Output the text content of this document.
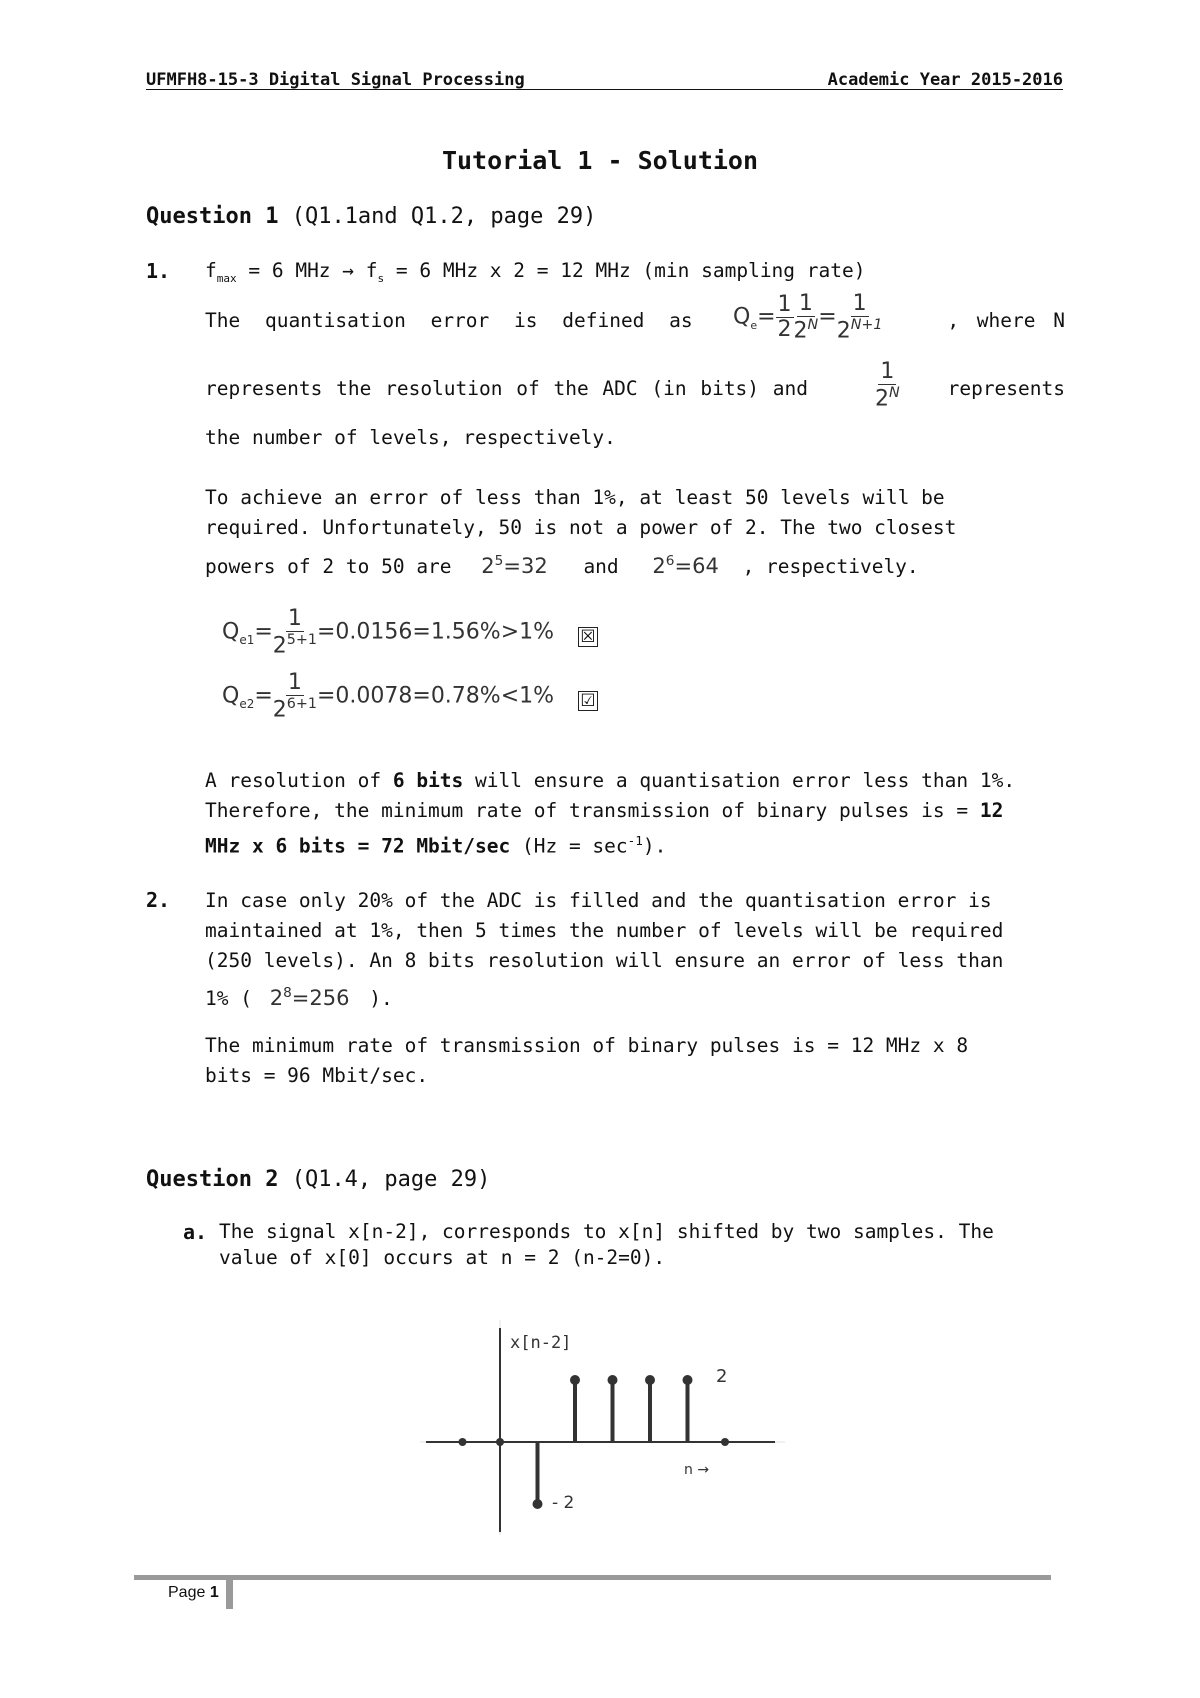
UFMFH8-15-3 Digital Signal Processing	Academic Year 2015-2016
Tutorial 1 - Solution
Question 1 (Q1.1and Q1.2, page 29)
1. $f_{max} = 6$ MHz → $f_s = 6$ MHz x 2 = 12 MHz (min sampling rate)
The quantisation error is defined as	$Q_e= \frac{1}{2} \frac{1}{2^N} = \frac{1}{2^{N+1}}$	, where N
represents the resolution of the ADC (in bits) and	$\frac{1}{2^N}$	represents
the number of levels, respectively.
To achieve an error of less than 1%, at least 50 levels will be
required. Unfortunately, 50 is not a power of 2. The two closest
powers of 2 to 50 are $2^5=32$ and $2^6=64$ , respectively.
$Q_{e1}= \frac{1}{2^{5+1}} =0.0156=1.56\%>1\%$ ☒
$Q_{e2}= \frac{1}{2^{6+1}} =0.0078=0.78\%<1\%$ ☑
A resolution of 6 bits will ensure a quantisation error less than 1%.
Therefore, the minimum rate of transmission of binary pulses is = 12
MHz x 6 bits = 72 Mbit/sec $(Hz = \sec^{-1})$.
2. In case only 20% of the ADC is filled and the quantisation error is
maintained at 1%, then 5 times the number of levels will be required
(250 levels). An 8 bits resolution will ensure an error of less than
1% ( $2^8=256$ ).
The minimum rate of transmission of binary pulses is = 12 MHz x 8
bits = 96 Mbit/sec.
Question 2 (Q1.4, page 29)
a. The signal x[n-2], corresponds to x[n] shifted by two samples. The
value of x[0] occurs at n = 2 (n-2=0).
x[n-2]
2
- 2
n →
Page 1
